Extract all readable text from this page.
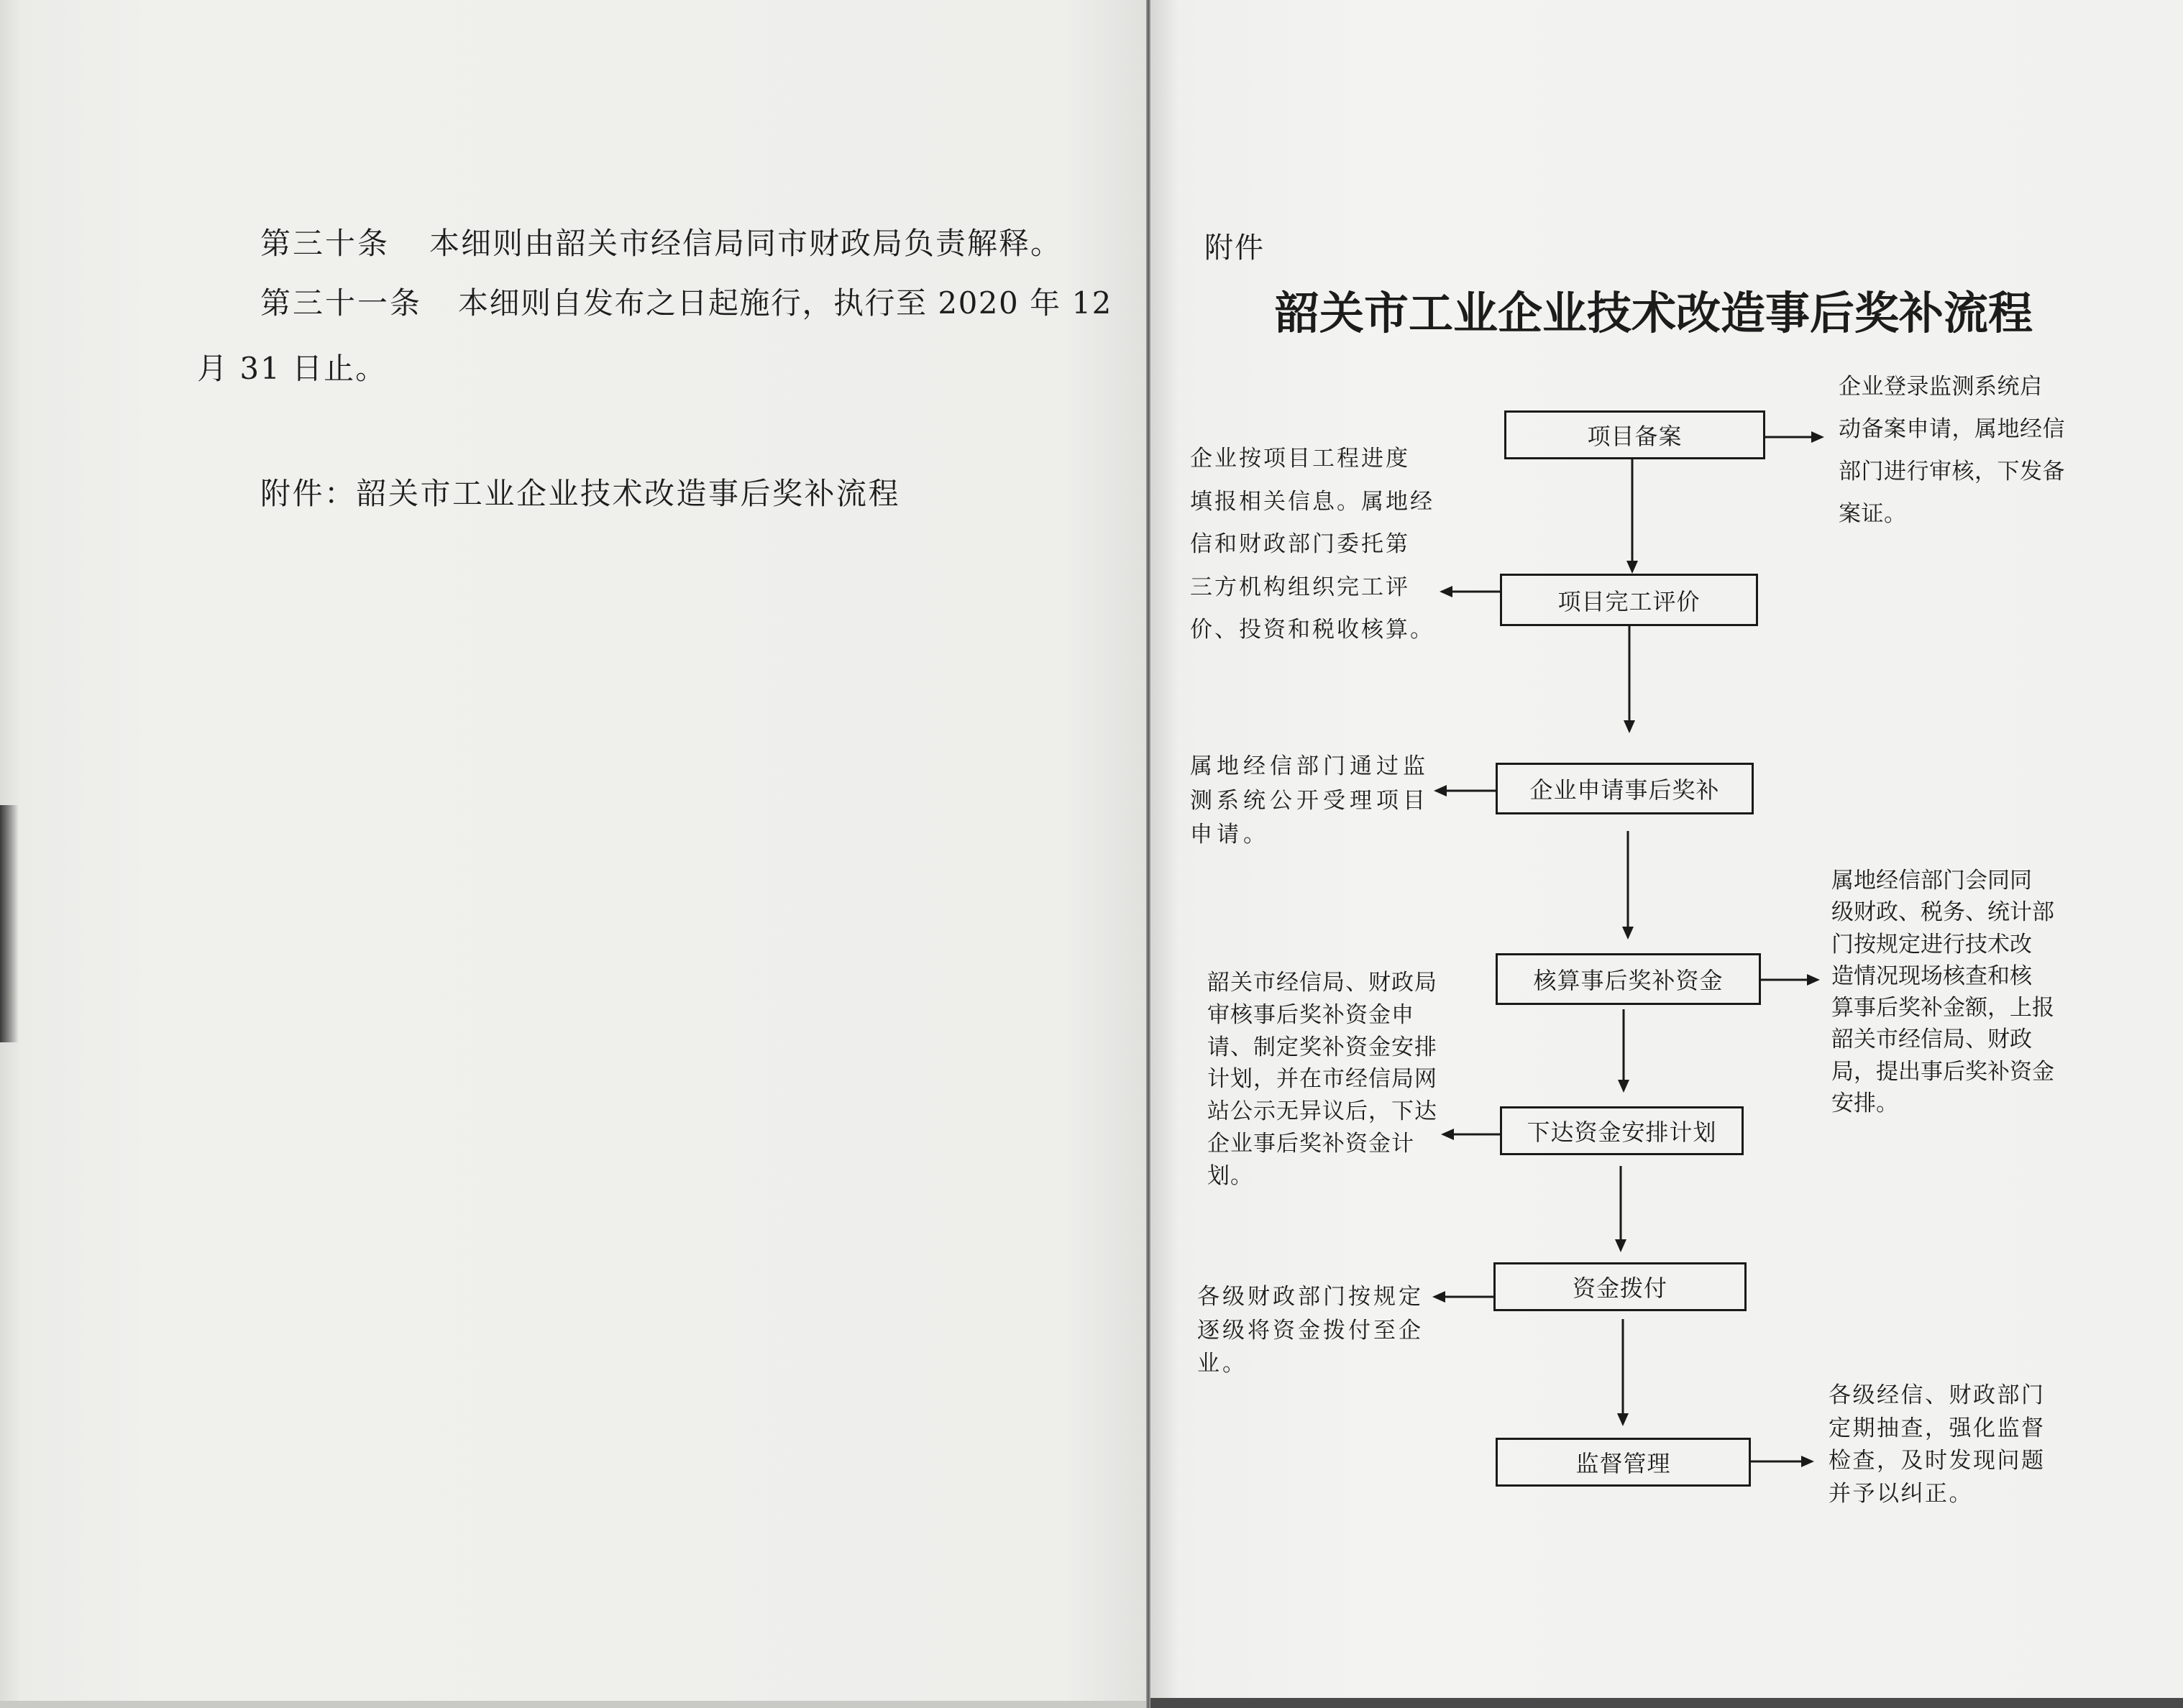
第三十条 本细则由韶关市经信局同市财政局负责解释。
第三十一条 本细则自发布之日起施行，执行至 2020 年 12
月 31 日止。
附件：韶关市工业企业技术改造事后奖补流程
附件
韶关市工业企业技术改造事后奖补流程
项目备案
项目完工评价
企业申请事后奖补
核算事后奖补资金
下达资金安排计划
资金拨付
监督管理
企业登录监测系统启
动备案申请，属地经信
部门进行审核，下发备
案证。
企业按项目工程进度
填报相关信息。属地经
信和财政部门委托第
三方机构组织完工评
价、投资和税收核算。
属地经信部门通过监
测系统公开受理项目
申请。
属地经信部门会同同
级财政、税务、统计部
门按规定进行技术改
造情况现场核查和核
算事后奖补金额，上报
韶关市经信局、财政
局，提出事后奖补资金
安排。
韶关市经信局、财政局
审核事后奖补资金申
请、制定奖补资金安排
计划，并在市经信局网
站公示无异议后，下达
企业事后奖补资金计
划。
各级财政部门按规定
逐级将资金拨付至企
业。
各级经信、财政部门
定期抽查，强化监督
检查，及时发现问题
并予以纠正。
